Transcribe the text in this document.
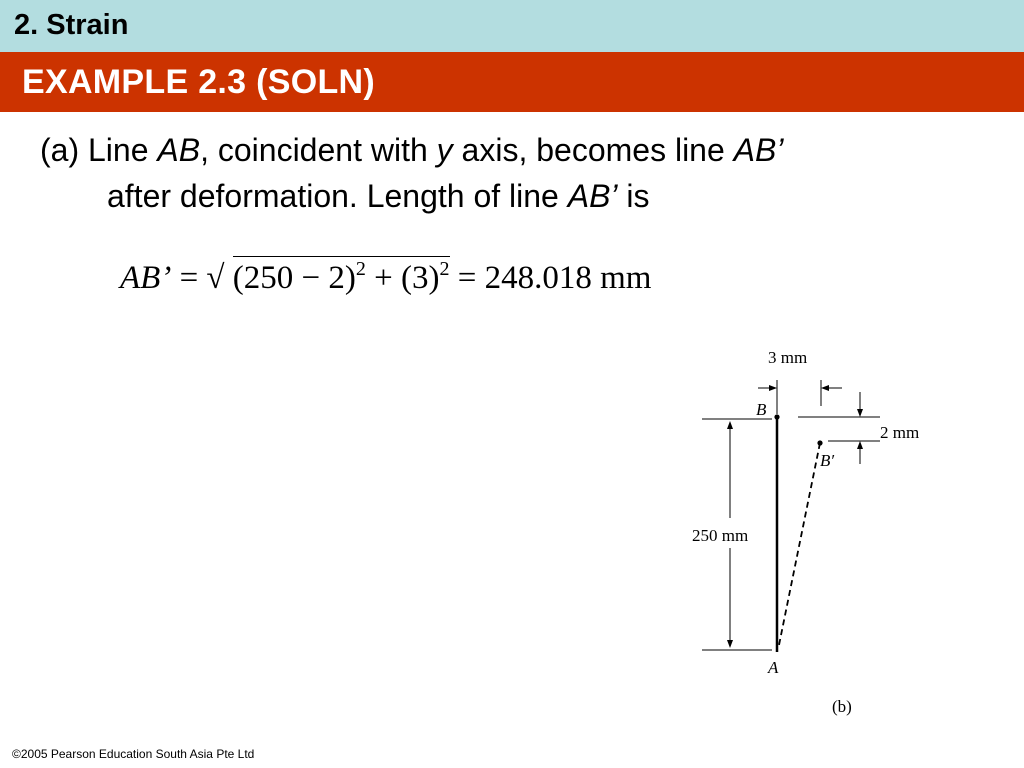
2. Strain
EXAMPLE 2.3 (SOLN)
(a) Line AB, coincident with y axis, becomes line AB’
after deformation. Length of line AB’ is
AB’ = √ $(250 - 2)^2 + (3)^2 = 248.018$ mm
3 mm
2 mm
250 mm
B
B′
A
(b)
©2005 Pearson Education South Asia Pte Ltd
